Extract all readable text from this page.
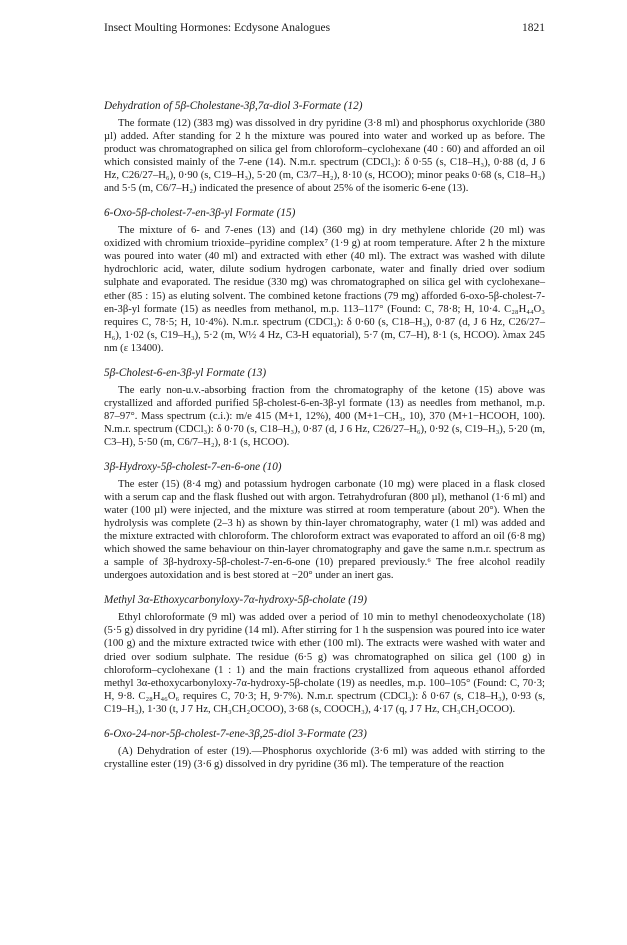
Insect Moulting Hormones: Ecdysone Analogues	1821

Dehydration of 5β-Cholestane-3β,7α-diol 3-Formate (12)

The formate (12) (383 mg) was dissolved in dry pyridine (3·8 ml) and phosphorus oxychloride (380 µl) added. After standing for 2 h the mixture was poured into water and worked up as before. The product was chromatographed on silica gel from chloroform–cyclohexane (40 : 60) and afforded an oil which consisted mainly of the 7-ene (14). N.m.r. spectrum (CDCl₃): δ 0·55 (s, C18–H₃), 0·88 (d, J 6 Hz, C26/27–H₆), 0·90 (s, C19–H₃), 5·20 (m, C3/7–H₂), 8·10 (s, HCOO); minor peaks 0·68 (s, C18–H₃) and 5·5 (m, C6/7–H₂) indicated the presence of about 25% of the isomeric 6-ene (13).

6-Oxo-5β-cholest-7-en-3β-yl Formate (15)

The mixture of 6- and 7-enes (13) and (14) (360 mg) in dry methylene chloride (20 ml) was oxidized with chromium trioxide–pyridine complex⁷ (1·9 g) at room temperature. After 2 h the mixture was poured into water (40 ml) and extracted with ether (40 ml). The extract was washed with dilute hydrochloric acid, water, dilute sodium hydrogen carbonate, water and finally dried over sodium sulphate and evaporated. The residue (330 mg) was chromatographed on silica gel with cyclohexane–ether (85 : 15) as eluting solvent. The combined ketone fractions (79 mg) afforded 6-oxo-5β-cholest-7-en-3β-yl formate (15) as needles from methanol, m.p. 113–117° (Found: C, 78·8; H, 10·4. C₂₈H₄₄O₃ requires C, 78·5; H, 10·4%). N.m.r. spectrum (CDCl₃): δ 0·60 (s, C18–H₃), 0·87 (d, J 6 Hz, C26/27–H₆), 1·02 (s, C19–H₃), 5·2 (m, W½ 4 Hz, C3-H equatorial), 5·7 (m, C7–H), 8·1 (s, HCOO). λmax 245 nm (ε 13400).

5β-Cholest-6-en-3β-yl Formate (13)

The early non-u.v.-absorbing fraction from the chromatography of the ketone (15) above was crystallized and afforded purified 5β-cholest-6-en-3β-yl formate (13) as needles from methanol, m.p. 87–97°. Mass spectrum (c.i.): m/e 415 (M+1, 12%), 400 (M+1−CH₃, 10), 370 (M+1−HCOOH, 100). N.m.r. spectrum (CDCl₃): δ 0·70 (s, C18–H₃), 0·87 (d, J 6 Hz, C26/27–H₆), 0·92 (s, C19–H₃), 5·20 (m, C3–H), 5·50 (m, C6/7–H₂), 8·1 (s, HCOO).

3β-Hydroxy-5β-cholest-7-en-6-one (10)

The ester (15) (8·4 mg) and potassium hydrogen carbonate (10 mg) were placed in a flask closed with a serum cap and the flask flushed out with argon. Tetrahydrofuran (800 µl), methanol (1·6 ml) and water (100 µl) were injected, and the mixture was stirred at room temperature (about 20°). When the hydrolysis was complete (2–3 h) as shown by thin-layer chromatography, water (1 ml) was added and the mixture extracted with chloroform. The chloroform extract was evaporated to afford an oil (6·8 mg) which showed the same behaviour on thin-layer chromatography and gave the same n.m.r. spectrum as a sample of 3β-hydroxy-5β-cholest-7-en-6-one (10) prepared previously.⁶ The free alcohol readily undergoes autoxidation and is best stored at −20° under an inert gas.

Methyl 3α-Ethoxycarbonyloxy-7α-hydroxy-5β-cholate (19)

Ethyl chloroformate (9 ml) was added over a period of 10 min to methyl chenodeoxycholate (18) (5·5 g) dissolved in dry pyridine (14 ml). After stirring for 1 h the suspension was poured into ice water (100 g) and the mixture extracted twice with ether (100 ml). The extracts were washed with water and dried over sodium sulphate. The residue (6·5 g) was chromatographed on silica gel (100 g) in chloroform–cyclohexane (1 : 1) and the main fractions crystallized from aqueous ethanol afforded methyl 3α-ethoxycarbonyloxy-7α-hydroxy-5β-cholate (19) as needles, m.p. 100–105° (Found: C, 70·3; H, 9·8. C₂₈H₄₆O₆ requires C, 70·3; H, 9·7%). N.m.r. spectrum (CDCl₃): δ 0·67 (s, C18–H₃), 0·93 (s, C19–H₃), 1·30 (t, J 7 Hz, CH₃CH₂OCOO), 3·68 (s, COOCH₃), 4·17 (q, J 7 Hz, CH₃CH₂OCOO).

6-Oxo-24-nor-5β-cholest-7-ene-3β,25-diol 3-Formate (23)

(A) Dehydration of ester (19).—Phosphorus oxychloride (3·6 ml) was added with stirring to the crystalline ester (19) (3·6 g) dissolved in dry pyridine (36 ml). The temperature of the reaction
